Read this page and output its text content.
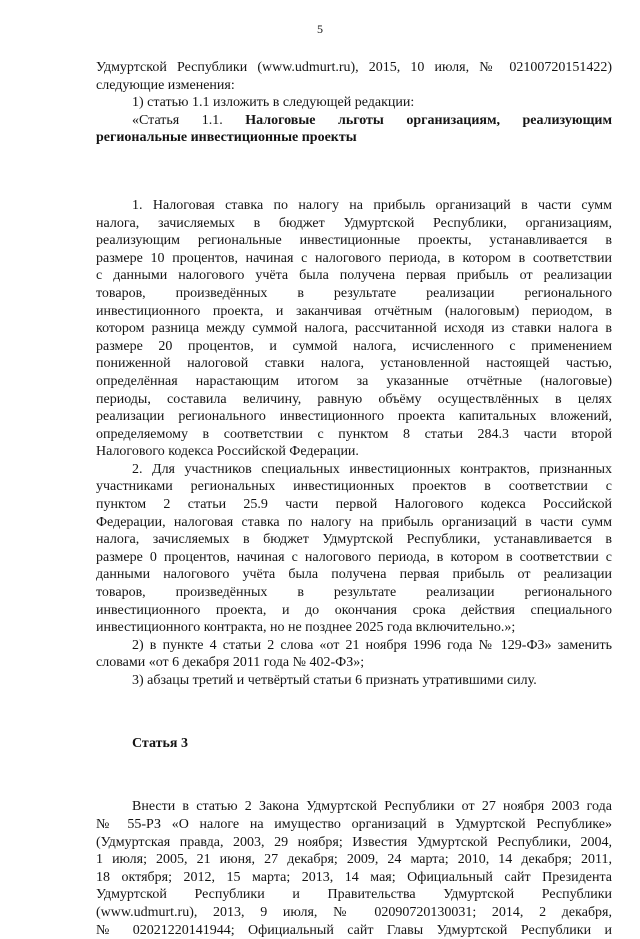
5

Удмуртской Республики (www.udmurt.ru), 2015, 10 июля, № 02100720151422)

следующие изменения:

1) статью 1.1 изложить в следующей редакции:

«Статья 1.1. Налоговые льготы организациям, реализующим

региональные инвестиционные проекты

1. Налоговая ставка по налогу на прибыль организаций в части сумм

налога, зачисляемых в бюджет Удмуртской Республики, организациям,

реализующим региональные инвестиционные проекты, устанавливается в

размере 10 процентов, начиная с налогового периода, в котором в соответствии

с данными налогового учёта была получена первая прибыль от реализации

товаров, произведённых в результате реализации регионального

инвестиционного проекта, и заканчивая отчётным (налоговым) периодом, в

котором разница между суммой налога, рассчитанной исходя из ставки налога в

размере 20 процентов, и суммой налога, исчисленного с применением

пониженной налоговой ставки налога, установленной настоящей частью,

определённая нарастающим итогом за указанные отчётные (налоговые)

периоды, составила величину, равную объёму осуществлённых в целях

реализации регионального инвестиционного проекта капитальных вложений,

определяемому в соответствии с пунктом 8 статьи 284.3 части второй

Налогового кодекса Российской Федерации.

2. Для участников специальных инвестиционных контрактов, признанных

участниками региональных инвестиционных проектов в соответствии с

пунктом 2 статьи 25.9 части первой Налогового кодекса Российской

Федерации, налоговая ставка по налогу на прибыль организаций в части сумм

налога, зачисляемых в бюджет Удмуртской Республики, устанавливается в

размере 0 процентов, начиная с налогового периода, в котором в соответствии с

данными налогового учёта была получена первая прибыль от реализации

товаров, произведённых в результате реализации регионального

инвестиционного проекта, и до окончания срока действия специального

инвестиционного контракта, но не позднее 2025 года включительно.»;

2) в пункте 4 статьи 2 слова «от 21 ноября 1996 года № 129-ФЗ» заменить

словами «от 6 декабря 2011 года № 402-ФЗ»;

3) абзацы третий и четвёртый статьи 6 признать утратившими силу.

Статья 3

Внести в статью 2 Закона Удмуртской Республики от 27 ноября 2003 года

№ 55-РЗ «О налоге на имущество организаций в Удмуртской Республике»

(Удмуртская правда, 2003, 29 ноября; Известия Удмуртской Республики, 2004,

1 июля; 2005, 21 июня, 27 декабря; 2009, 24 марта; 2010, 14 декабря; 2011,

18 октября; 2012, 15 марта; 2013, 14 мая; Официальный сайт Президента

Удмуртской Республики и Правительства Удмуртской Республики

(www.udmurt.ru), 2013, 9 июля, № 02090720130031; 2014, 2 декабря,

№ 02021220141944; Официальный сайт Главы Удмуртской Республики и
